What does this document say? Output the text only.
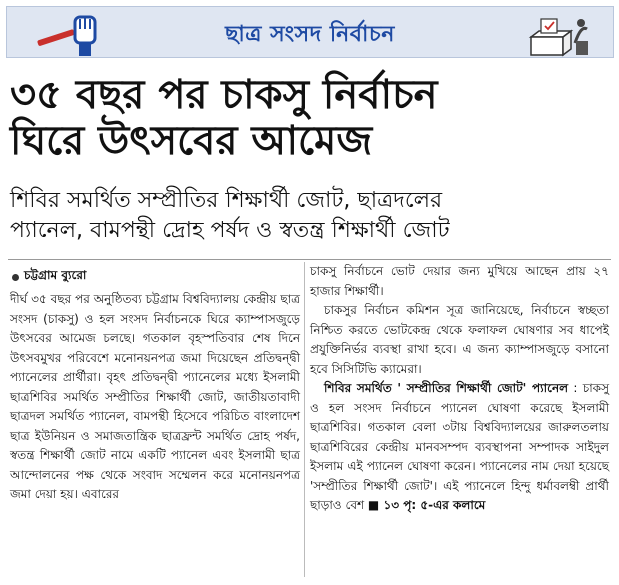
ছাত্র সংসদ নির্বাচন
৩৫ বছর পর চাকসু নির্বাচন
ঘিরে উৎসবের আমেজ
শিবির সমর্থিত সম্প্রীতির শিক্ষার্থী জোট, ছাত্রদলের
প্যানেল, বামপন্থী দ্রোহ পর্ষদ ও স্বতন্ত্র শিক্ষার্থী জোট
চট্টগ্রাম ব্যুরো

দীর্ঘ ৩৫ বছর পর অনুষ্ঠিতব্য চট্টগ্রাম বিশ্ববিদ্যালয় কেন্দ্রীয় ছাত্র সংসদ (চাকসু) ও হল সংসদ নির্বাচনকে ঘিরে ক্যাম্পাসজুড়ে উৎসবের আমেজ চলছে। গতকাল বৃহস্পতিবার শেষ দিনে উৎসবমুখর পরিবেশে মনোনয়নপত্র জমা দিয়েছেন প্রতিদ্বন্দ্বী প্যানেলের প্রার্থীরা। বৃহৎ প্রতিদ্বন্দ্বী প্যানেলের মধ্যে ইসলামী ছাত্রশিবির সমর্থিত সম্প্রীতির শিক্ষার্থী জোট, জাতীয়তাবাদী ছাত্রদল সমর্থিত প্যানেল, বামপন্থী হিসেবে পরিচিত বাংলাদেশ ছাত্র ইউনিয়ন ও সমাজতান্ত্রিক ছাত্রফ্রন্ট সমর্থিত দ্রোহ পর্ষদ, স্বতন্ত্র শিক্ষার্থী জোট নামে একটি প্যানেল এবং ইসলামী ছাত্র আন্দোলনের পক্ষ থেকে সংবাদ সম্মেলন করে মনোনয়নপত্র জমা দেয়া হয়। এবারের

চাকসু নির্বাচনে ভোট দেয়ার জন্য মুখিয়ে আছেন প্রায় ২৭ হাজার শিক্ষার্থী।

চাকসুর নির্বাচন কমিশন সূত্র জানিয়েছে, নির্বাচনে স্বচ্ছতা নিশ্চিত করতে ভোটকেন্দ্র থেকে ফলাফল ঘোষণার সব ধাপেই প্রযুক্তিনির্ভর ব্যবস্থা রাখা হবে। এ জন্য ক্যাম্পাসজুড়ে বসানো হবে সিসিটিভি ক্যামেরা।

শিবির সমর্থিত ' সম্প্রীতির শিক্ষার্থী জোট' প্যানেল : চাকসু ও হল সংসদ নির্বাচনে প্যানেল ঘোষণা করেছে ইসলামী ছাত্রশিবির। গতকাল বেলা ৩টায় বিশ্ববিদ্যালয়ের জারুলতলায় ছাত্রশিবিরের কেন্দ্রীয় মানবসম্পদ ব্যবস্থাপনা সম্পাদক সাইদুল ইসলাম এই প্যানেল ঘোষণা করেন। প্যানেলের নাম দেয়া হয়েছে 'সম্প্রীতির শিক্ষার্থী জোট'। এই প্যানেলে হিন্দু ধর্মাবলম্বী প্রার্থী ছাড়াও বেশ ■ ১৩ পৃ: ৫-এর কলামে
